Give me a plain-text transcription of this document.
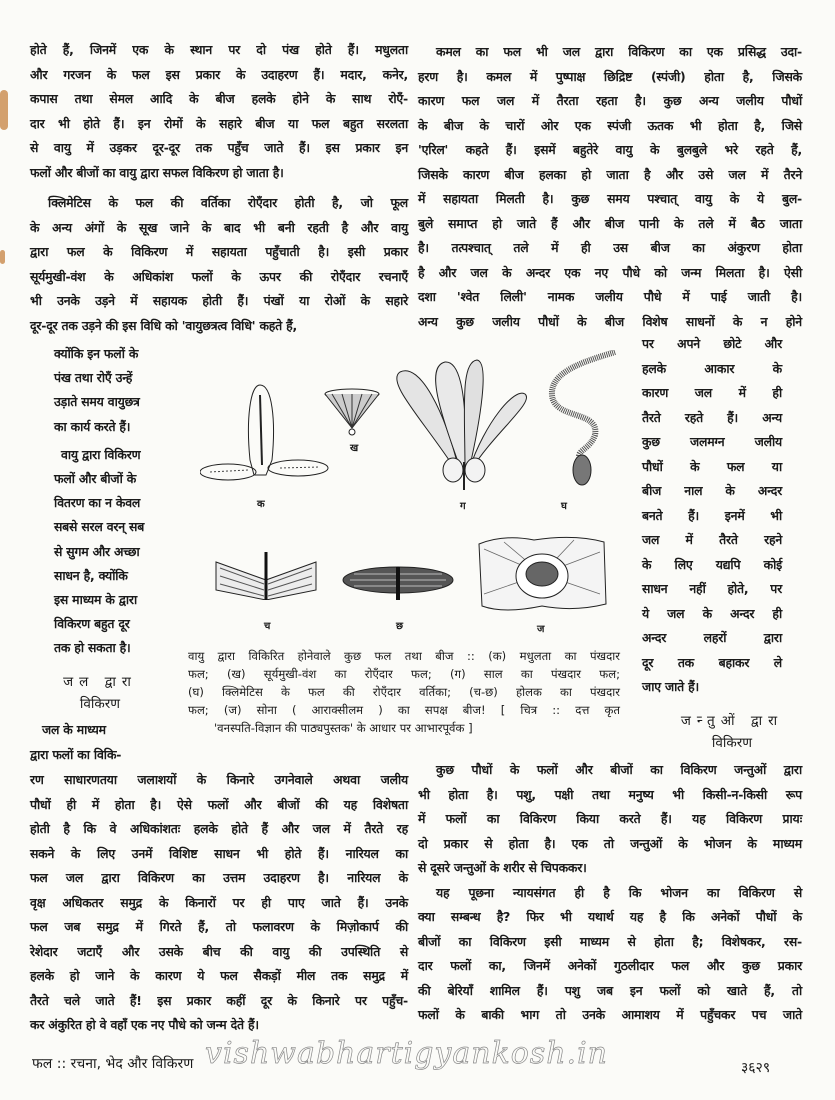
होते हैं, जिनमें एक के स्थान पर दो पंख होते हैं। मधुलता
और गरजन के फल इस प्रकार के उदाहरण हैं। मदार, कनेर,
कपास तथा सेमल आदि के बीज हलके होने के साथ रोएँ-
दार भी होते हैं। इन रोमों के सहारे बीज या फल बहुत सरलता
से वायु में उड़कर दूर-दूर तक पहुँच जाते हैं। इस प्रकार इन
फलों और बीजों का वायु द्वारा सफल विकिरण हो जाता है।
क्लिमेटिस के फल की वर्तिका रोएँदार होती है, जो फूल
के अन्य अंगों के सूख जाने के बाद भी बनी रहती है और वायु
द्वारा फल के विकिरण में सहायता पहुँचाती है। इसी प्रकार
सूर्यमुखी-वंश के अधिकांश फलों के ऊपर की रोएँदार रचनाएँ
भी उनके उड़ने में सहायक होती हैं। पंखों या रोओं के सहारे
दूर-दूर तक उड़ने की इस विधि को 'वायुछत्रत्व विधि' कहते हैं,
क्योंकि इन फलों के
पंख तथा रोएँ उन्हें
उड़ाते समय वायुछत्र
का कार्य करते हैं।
वायु द्वारा विकिरण
फलों और बीजों के
वितरण का न केवल
सबसे सरल वरन् सब
से सुगम और अच्छा
साधन है, क्योंकि
इस माध्यम के द्वारा
विकिरण बहुत दूर
तक हो सकता है।
जल द्वारा
विकिरण
जल के माध्यम
द्वारा फलों का विकि-
रण साधारणतया जलाशयों के किनारे उगनेवाले अथवा जलीय
पौधों ही में होता है। ऐसे फलों और बीजों की यह विशेषता
होती है कि वे अधिकांशतः हलके होते हैं और जल में तैरते रह
सकने के लिए उनमें विशिष्ट साधन भी होते हैं। नारियल का
फल जल द्वारा विकिरण का उत्तम उदाहरण है। नारियल के
वृक्ष अधिकतर समुद्र के किनारों पर ही पाए जाते हैं। उनके
फल जब समुद्र में गिरते हैं, तो फलावरण के मिज़ोकार्प की
रेशेदार जटाएँ और उसके बीच की वायु की उपस्थिति से
हलके हो जाने के कारण ये फल सैकड़ों मील तक समुद्र में
तैरते चले जाते हैं! इस प्रकार कहीं दूर के किनारे पर पहुँच-
कर अंकुरित हो वे वहाँ एक नए पौधे को जन्म देते हैं।
कमल का फल भी जल द्वारा विकिरण का एक प्रसिद्ध उदा-
हरण है। कमल में पुष्पाक्ष छिद्रिष्ट (स्पंजी) होता है, जिसके
कारण फल जल में तैरता रहता है। कुछ अन्य जलीय पौधों
के बीज के चारों ओर एक स्पंजी ऊतक भी होता है, जिसे
'एरिल' कहते हैं। इसमें बहुतेरे वायु के बुलबुले भरे रहते हैं,
जिसके कारण बीज हलका हो जाता है और उसे जल में तैरने
में सहायता मिलती है। कुछ समय पश्चात् वायु के ये बुल-
बुले समाप्त हो जाते हैं और बीज पानी के तले में बैठ जाता
है। तत्पश्चात् तले में ही उस बीज का अंकुरण होता
है और जल के अन्दर एक नए पौधे को जन्म मिलता है। ऐसी
दशा 'श्वेत लिली' नामक जलीय पौधे में पाई जाती है।
अन्य कुछ जलीय पौधों के बीज विशेष साधनों के न होने
पर अपने छोटे और
हलके आकार के
कारण जल में ही
तैरते रहते हैं। अन्य
कुछ जलमग्न जलीय
पौधों के फल या
बीज नाल के अन्दर
बनते हैं। इनमें भी
जल में तैरते रहने
के लिए यद्यपि कोई
साधन नहीं होते, पर
ये जल के अन्दर ही
अन्दर लहरों द्वारा
दूर तक बहाकर ले
जाए जाते हैं।
जन्तुओं द्वारा
विकिरण
कुछ पौधों के फलों और बीजों का विकिरण जन्तुओं द्वारा
भी होता है। पशु, पक्षी तथा मनुष्य भी किसी-न-किसी रूप
में फलों का विकिरण किया करते हैं। यह विकिरण प्रायः
दो प्रकार से होता है। एक तो जन्तुओं के भोजन के माध्यम
से दूसरे जन्तुओं के शरीर से चिपककर।
यह पूछना न्यायसंगत ही है कि भोजन का विकिरण से
क्या सम्बन्ध है? फिर भी यथार्थ यह है कि अनेकों पौधों के
बीजों का विकिरण इसी माध्यम से होता है; विशेषकर, रस-
दार फलों का, जिनमें अनेकों गुठलीदार फल और कुछ प्रकार
की बेरियाँ शामिल हैं। पशु जब इन फलों को खाते हैं, तो
फलों के बाकी भाग तो उनके आमाशय में पहुँचकर पच जाते
क
ख
ग	घ
च	छ	ज
वायु द्वारा विकिरित होनेवाले कुछ फल तथा बीज :: (क) मधुलता का पंखदार
फल; (ख) सूर्यमुखी-वंश का रोएँदार फल; (ग) साल का पंखदार फल;
(घ) क्लिमेटिस के फल की रोएँदार वर्तिका; (च-छ) होलक का पंखदार
फल; (ज) सोना ( आराक्सीलम ) का सपक्ष बीज! [ चित्र :: दत्त कृत
'वनस्पति-विज्ञान की पाठ्यपुस्तक' के आधार पर आभारपूर्वक ]
vishwabhartigyankosh.in
फल :: रचना, भेद और विकिरण	३६२९
